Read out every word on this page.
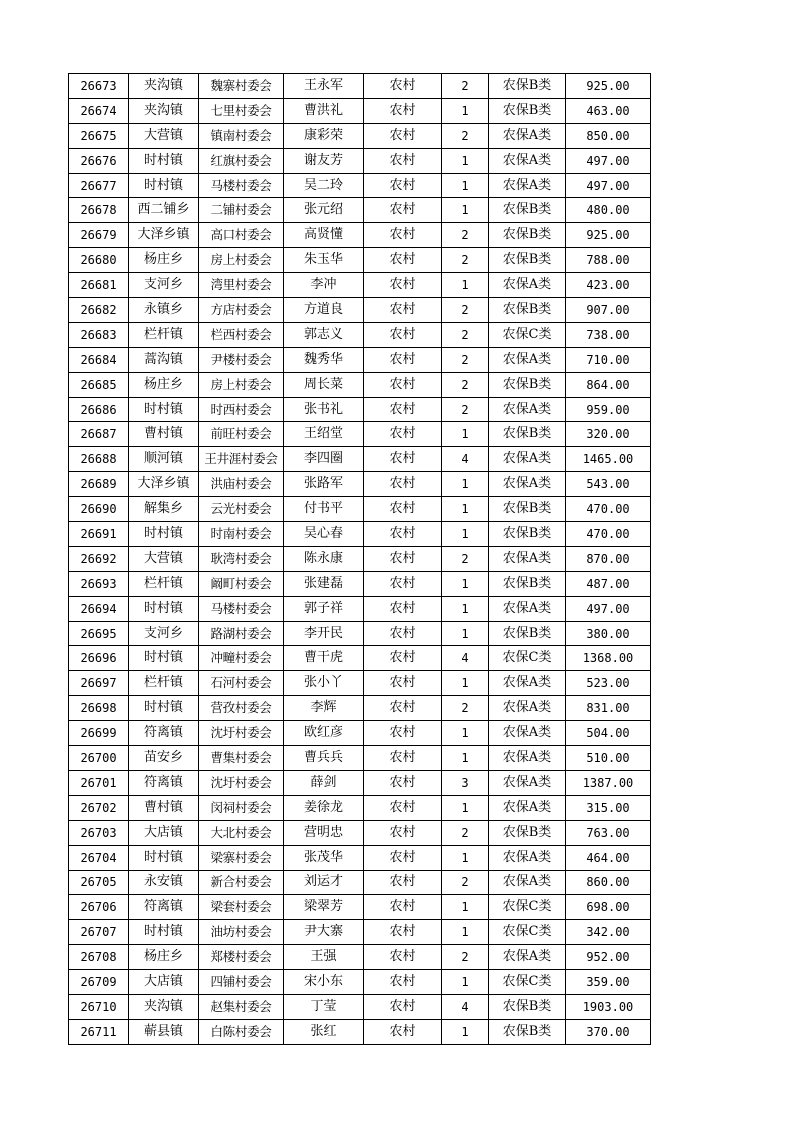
26673	夹沟镇	魏寨村委会	王永军	农村	2	农保B类	925.00
26674	夹沟镇	七里村委会	曹洪礼	农村	1	农保B类	463.00
26675	大营镇	镇南村委会	康彩荣	农村	2	农保A类	850.00
26676	时村镇	红旗村委会	谢友芳	农村	1	农保A类	497.00
26677	时村镇	马楼村委会	吴二玲	农村	1	农保A类	497.00
26678	西二铺乡	二铺村委会	张元绍	农村	1	农保B类	480.00
26679	大泽乡镇	高口村委会	高贤懂	农村	2	农保B类	925.00
26680	杨庄乡	房上村委会	朱玉华	农村	2	农保B类	788.00
26681	支河乡	湾里村委会	李冲	农村	1	农保A类	423.00
26682	永镇乡	方店村委会	方道良	农村	2	农保B类	907.00
26683	栏杆镇	栏西村委会	郭志义	农村	2	农保C类	738.00
26684	蒿沟镇	尹楼村委会	魏秀华	农村	2	农保A类	710.00
26685	杨庄乡	房上村委会	周长菜	农村	2	农保B类	864.00
26686	时村镇	时西村委会	张书礼	农村	2	农保A类	959.00
26687	曹村镇	前旺村委会	王绍堂	农村	1	农保B类	320.00
26688	顺河镇	王井涯村委会	李四圈	农村	4	农保A类	1465.00
26689	大泽乡镇	洪庙村委会	张路军	农村	1	农保A类	543.00
26690	解集乡	云光村委会	付书平	农村	1	农保B类	470.00
26691	时村镇	时南村委会	吴心春	农村	1	农保B类	470.00
26692	大营镇	耿湾村委会	陈永康	农村	2	农保A类	870.00
26693	栏杆镇	阚町村委会	张建磊	农村	1	农保B类	487.00
26694	时村镇	马楼村委会	郭子祥	农村	1	农保A类	497.00
26695	支河乡	路湖村委会	李开民	农村	1	农保B类	380.00
26696	时村镇	冲疃村委会	曹干虎	农村	4	农保C类	1368.00
26697	栏杆镇	石河村委会	张小丫	农村	1	农保A类	523.00
26698	时村镇	营孜村委会	李辉	农村	2	农保A类	831.00
26699	符离镇	沈圩村委会	欧红彦	农村	1	农保A类	504.00
26700	苗安乡	曹集村委会	曹兵兵	农村	1	农保A类	510.00
26701	符离镇	沈圩村委会	薛剑	农村	3	农保A类	1387.00
26702	曹村镇	闵祠村委会	姜徐龙	农村	1	农保A类	315.00
26703	大店镇	大北村委会	营明忠	农村	2	农保B类	763.00
26704	时村镇	梁寨村委会	张茂华	农村	1	农保A类	464.00
26705	永安镇	新合村委会	刘运才	农村	2	农保A类	860.00
26706	符离镇	梁套村委会	梁翠芳	农村	1	农保C类	698.00
26707	时村镇	油坊村委会	尹大寨	农村	1	农保C类	342.00
26708	杨庄乡	郑楼村委会	王强	农村	2	农保A类	952.00
26709	大店镇	四铺村委会	宋小东	农村	1	农保C类	359.00
26710	夹沟镇	赵集村委会	丁莹	农村	4	农保B类	1903.00
26711	蕲县镇	白陈村委会	张红	农村	1	农保B类	370.00
